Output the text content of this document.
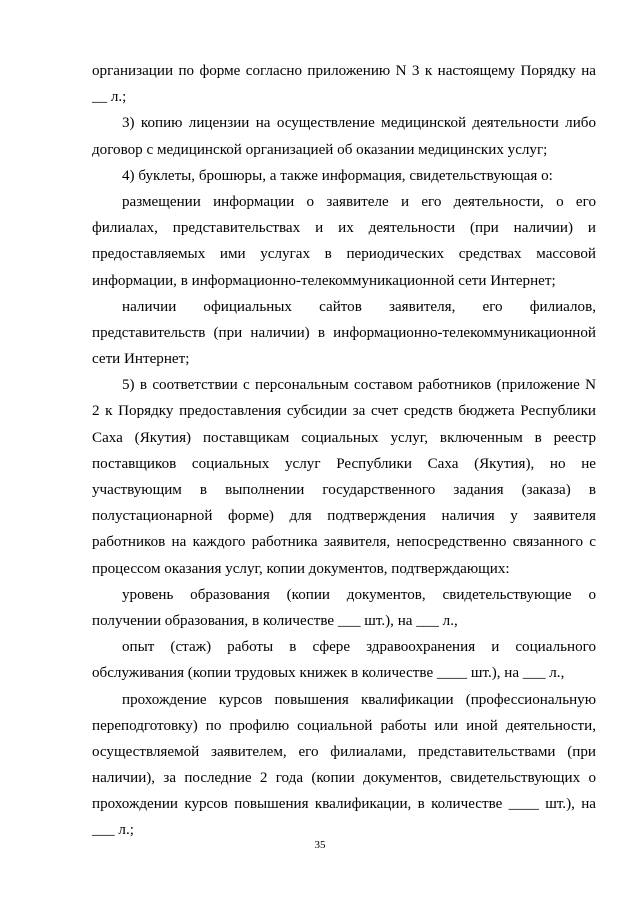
организации по форме согласно приложению N 3 к настоящему Порядку на
__ л.;
3) копию лицензии на осуществление медицинской деятельности либо
договор с медицинской организацией об оказании медицинских услуг;
4) буклеты, брошюры, а также информация, свидетельствующая о:
размещении информации о заявителе и его деятельности, о его
филиалах, представительствах и их деятельности (при наличии) и
предоставляемых ими услугах в периодических средствах массовой
информации, в информационно-телекоммуникационной сети Интернет;
наличии официальных сайтов заявителя, его филиалов,
представительств (при наличии) в информационно-телекоммуникационной
сети Интернет;
5) в соответствии с персональным составом работников (приложение N
2 к Порядку предоставления субсидии за счет средств бюджета Республики
Саха (Якутия) поставщикам социальных услуг, включенным в реестр
поставщиков социальных услуг Республики Саха (Якутия), но не
участвующим в выполнении государственного задания (заказа) в
полустационарной форме) для подтверждения наличия у заявителя
работников на каждого работника заявителя, непосредственно связанного с
процессом оказания услуг, копии документов, подтверждающих:
уровень образования (копии документов, свидетельствующие о
получении образования, в количестве ___ шт.), на ___ л.,
опыт (стаж) работы в сфере здравоохранения и социального
обслуживания (копии трудовых книжек в количестве ____ шт.), на ___ л.,
прохождение курсов повышения квалификации (профессиональную
переподготовку) по профилю социальной работы или иной деятельности,
осуществляемой заявителем, его филиалами, представительствами (при
наличии), за последние 2 года (копии документов, свидетельствующих о
прохождении курсов повышения квалификации, в количестве ____ шт.), на
___ л.;
35
